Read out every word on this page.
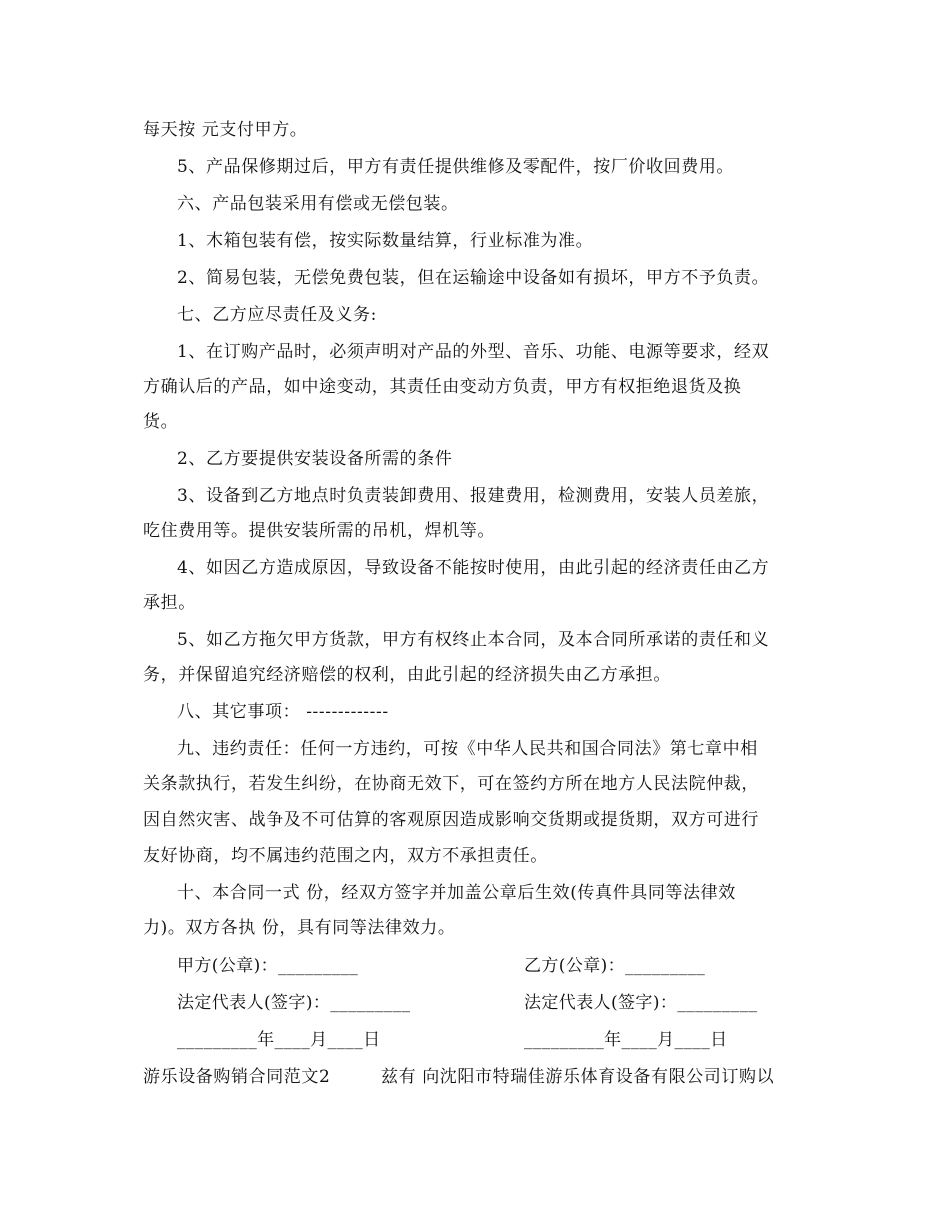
每天按 元支付甲方。
5、产品保修期过后，甲方有责任提供维修及零配件，按厂价收回费用。
六、产品包装采用有偿或无偿包装。
1、木箱包装有偿，按实际数量结算，行业标准为准。
2、简易包装，无偿免费包装，但在运输途中设备如有损坏，甲方不予负责。
七、乙方应尽责任及义务:
1、在订购产品时，必须声明对产品的外型、音乐、功能、电源等要求，经双
方确认后的产品，如中途变动，其责任由变动方负责，甲方有权拒绝退货及换
货。
2、乙方要提供安装设备所需的条件
3、设备到乙方地点时负责装卸费用、报建费用，检测费用，安装人员差旅，
吃住费用等。提供安装所需的吊机，焊机等。
4、如因乙方造成原因，导致设备不能按时使用，由此引起的经济责任由乙方
承担。
5、如乙方拖欠甲方货款，甲方有权终止本合同，及本合同所承诺的责任和义
务，并保留追究经济赔偿的权利，由此引起的经济损失由乙方承担。
八、其它事项： -------------
九、违约责任：任何一方违约，可按《中华人民共和国合同法》第七章中相
关条款执行，若发生纠纷，在协商无效下，可在签约方所在地方人民法院仲裁，
因自然灾害、战争及不可估算的客观原因造成影响交货期或提货期，双方可进行
友好协商，均不属违约范围之内，双方不承担责任。
十、本合同一式 份，经双方签字并加盖公章后生效(传真件具同等法律效
力)。双方各执 份，具有同等法律效力。
甲方(公章)：_________	乙方(公章)：_________
法定代表人(签字)：_________	法定代表人(签字)：_________
_________年____月____日	_________年____月____日
游乐设备购销合同范文2	兹有 向沈阳市特瑞佳游乐体育设备有限公司订购以
